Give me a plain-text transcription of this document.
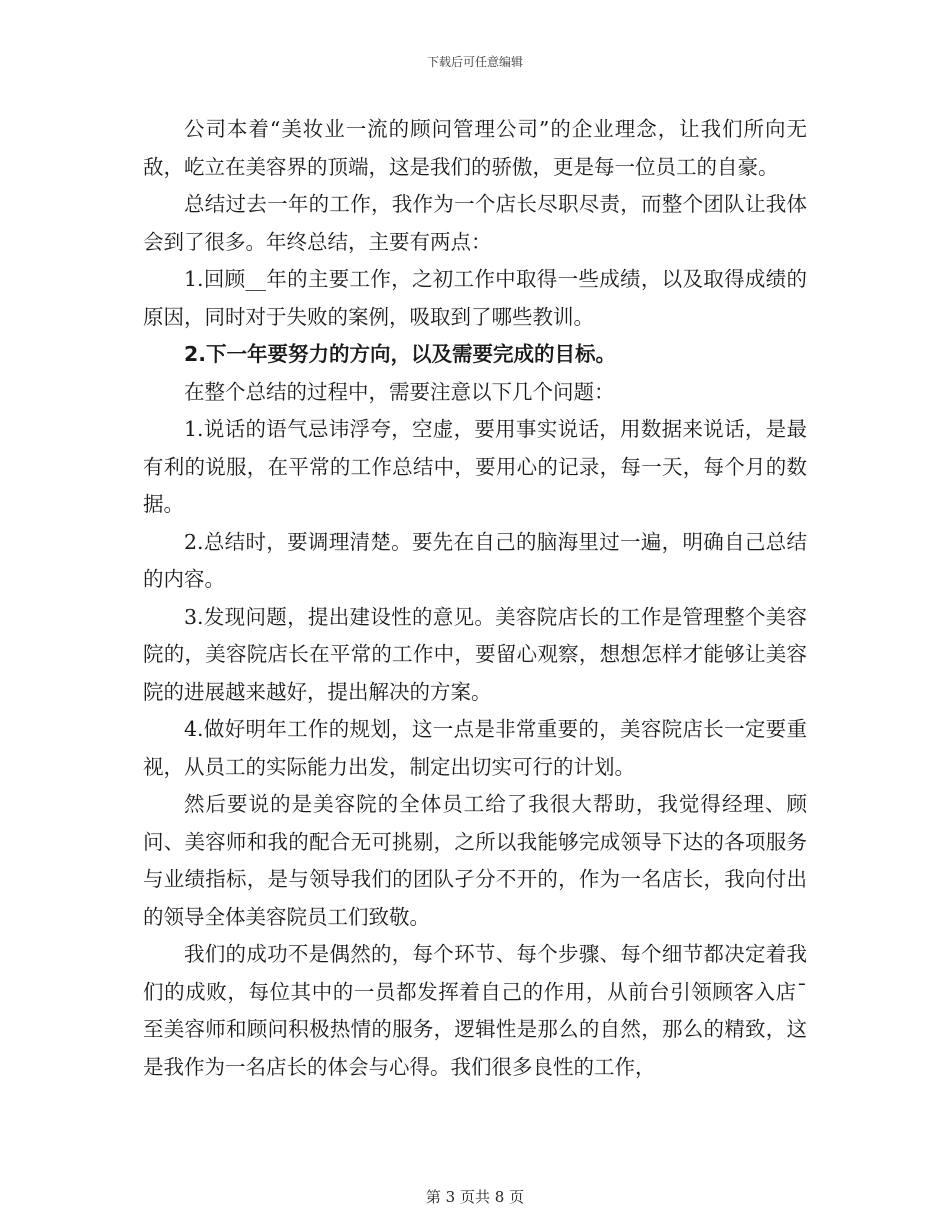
下载后可任意编辑

公司本着“美妆业一流的顾问管理公司”的企业理念，让我们所向无敌，屹立在美容界的顶端，这是我们的骄傲，更是每一位员工的自豪。

总结过去一年的工作，我作为一个店长尽职尽责，而整个团队让我体会到了很多。年终总结，主要有两点：

1.回顾__年的主要工作，之初工作中取得一些成绩，以及取得成绩的原因，同时对于失败的案例，吸取到了哪些教训。

2.下一年要努力的方向，以及需要完成的目标。

在整个总结的过程中，需要注意以下几个问题：

1.说话的语气忌讳浮夸，空虚，要用事实说话，用数据来说话，是最有利的说服，在平常的工作总结中，要用心的记录，每一天，每个月的数据。

2.总结时，要调理清楚。要先在自己的脑海里过一遍，明确自己总结的内容。

3.发现问题，提出建设性的意见。美容院店长的工作是管理整个美容院的，美容院店长在平常的工作中，要留心观察，想想怎样才能够让美容院的进展越来越好，提出解决的方案。

4.做好明年工作的规划，这一点是非常重要的，美容院店长一定要重视，从员工的实际能力出发，制定出切实可行的计划。

然后要说的是美容院的全体员工给了我很大帮助，我觉得经理、顾问、美容师和我的配合无可挑剔，之所以我能够完成领导下达的各项服务与业绩指标，是与领导我们的团队孑分不开的，作为一名店长，我向付出的领导全体美容院员工们致敬。

我们的成功不是偶然的，每个环节、每个步骤、每个细节都决定着我们的成败，每位其中的一员都发挥着自己的作用，从前台引领顾客入店¯至美容师和顾问积极热情的服务，逻辑性是那么的自然，那么的精致，这是我作为一名店长的体会与心得。我们很多良性的工作，

第 3 页共 8 页
